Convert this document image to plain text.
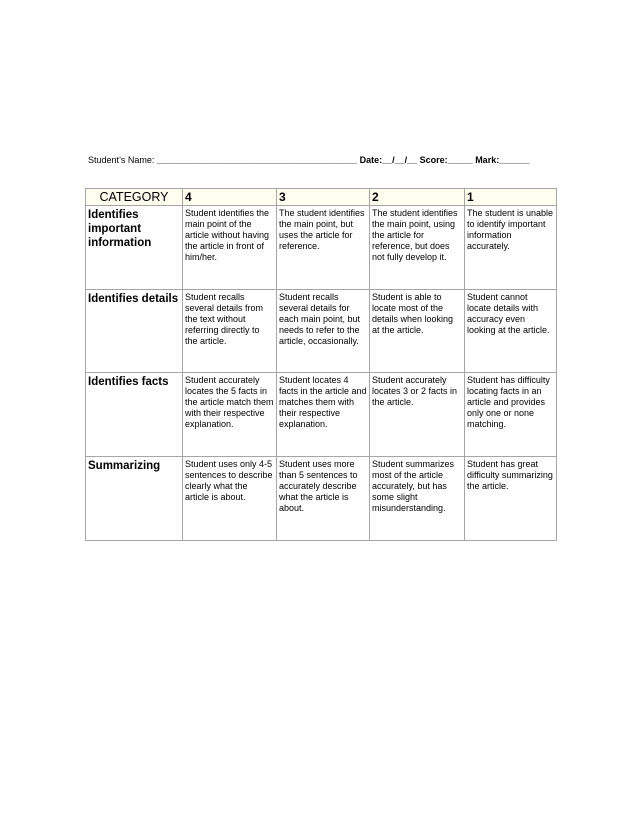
Student’s Name: ________________________________________ Date:__/__/__ Score:_____ Mark:______
CATEGORY	4	3	2	1
Identifies important information	Student identifies the main point of the article without having the article in front of him/her.	The student identifies the main point, but uses the article for reference.	The student identifies the main point, using the article for reference, but does not fully develop it.	The student is unable to identify important information accurately.
Identifies details	Student recalls several details from the text without referring directly to the article.	Student recalls several details for each main point, but needs to refer to the article, occasionally.	Student is able to locate most of the details when looking at the article.	Student cannot locate details with accuracy even looking at the article.
Identifies facts	Student accurately locates the 5 facts in the article match them with their respective explanation.	Student locates 4 facts in the article and matches them with their respective explanation.	Student accurately locates 3 or 2 facts in the article.	Student has difficulty locating facts in an article and provides only one or none matching.
Summarizing	Student uses only 4-5 sentences to describe clearly what the article is about.	Student uses more than 5 sentences to accurately describe what the article is about.	Student summarizes most of the article accurately, but has some slight misunderstanding.	Student has great difficulty summarizing the article.
